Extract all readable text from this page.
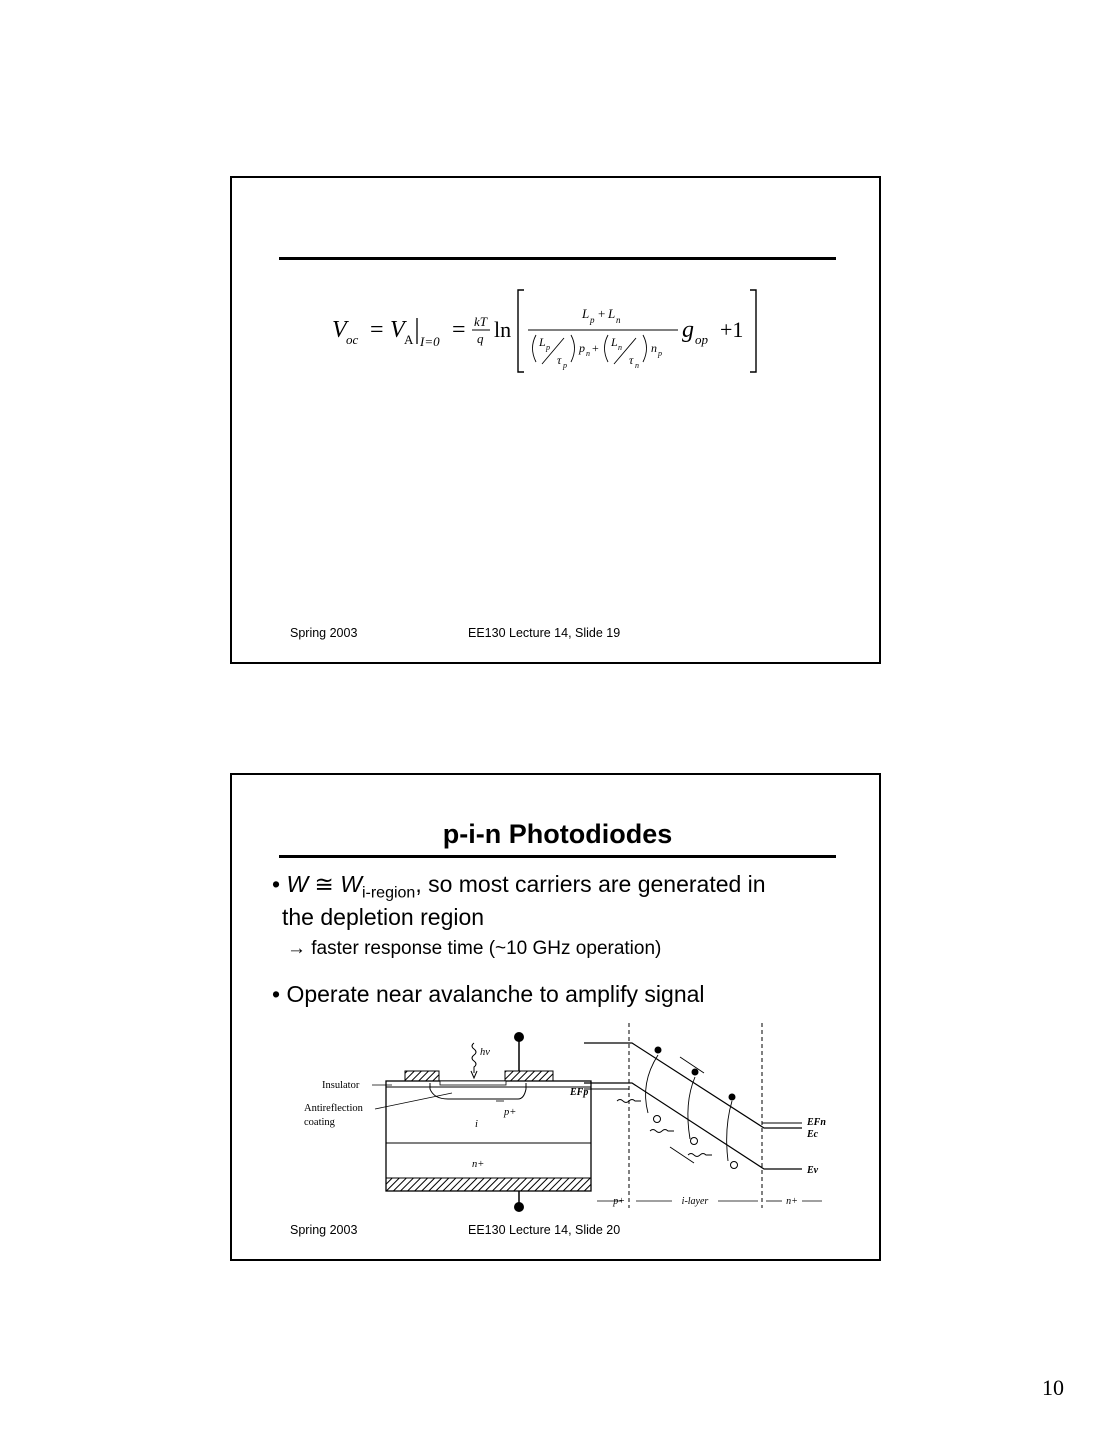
V oc = V A I=0 = kT
q ln
L p + L n
L p
τ p
p n + L n
τ n
n p
g op +1
Spring 2003	EE130 Lecture 14, Slide 19
p-i-n Photodiodes
• W ≅ $W_{i-region}$, so most carriers are generated in
the depletion region
→ faster response time (~10 GHz operation)
• Operate near avalanche to amplify signal
hν
Insulator
Antireflection
coating
p+
i
n+
EFp
EFn
Ec
Ev
p+	i-layer	n+
Spring 2003	EE130 Lecture 14, Slide 20
10
